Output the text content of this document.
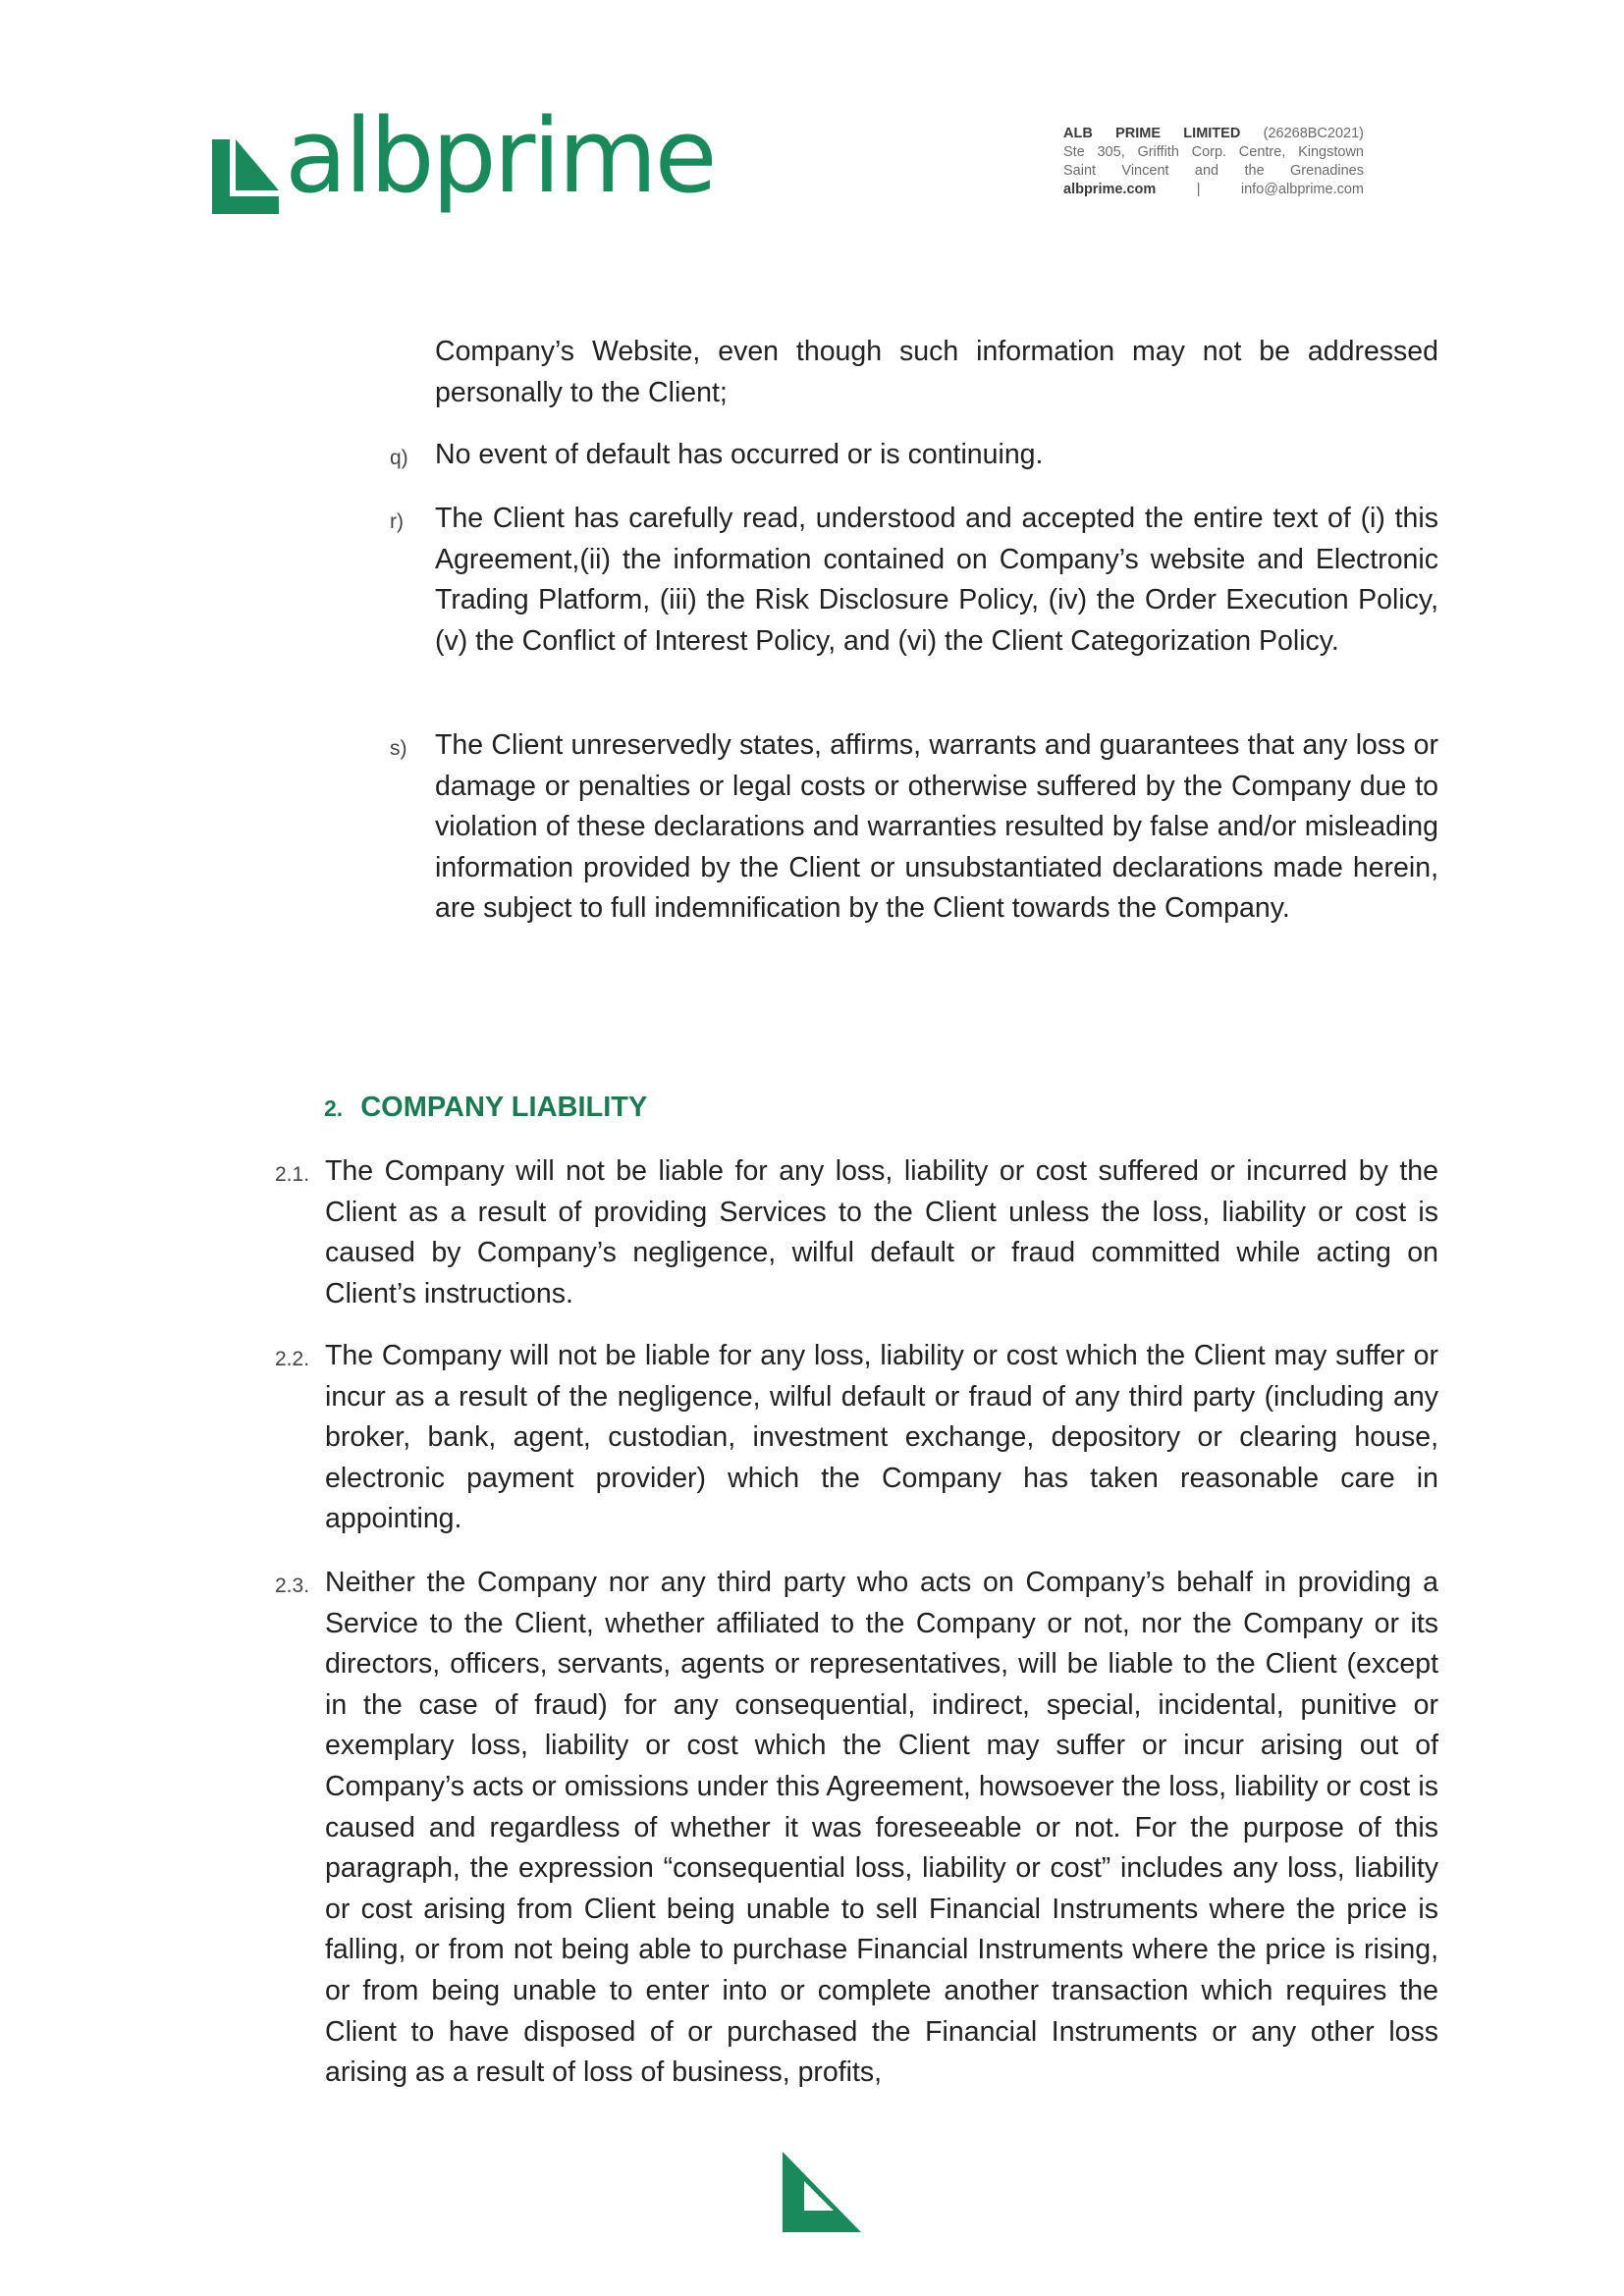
albprime	ALB PRIME LIMITED (26268BC2021)
Ste 305, Griffith Corp. Centre, Kingstown
Saint Vincent and the Grenadines
albprime.com	|	info@albprime.com
Company’s Website, even though such information may not be addressed personally to the Client;
q) No event of default has occurred or is continuing.
r) The Client has carefully read, understood and accepted the entire text of (i) this Agreement,(ii) the information contained on Company’s website and Electronic Trading Platform, (iii) the Risk Disclosure Policy, (iv) the Order Execution Policy, (v) the Conflict of Interest Policy, and (vi) the Client Categorization Policy.
s) The Client unreservedly states, affirms, warrants and guarantees that any loss or damage or penalties or legal costs or otherwise suffered by the Company due to violation of these declarations and warranties resulted by false and/or misleading information provided by the Client or unsubstantiated declarations made herein, are subject to full indemnification by the Client towards the Company.
2. COMPANY LIABILITY
2.1. The Company will not be liable for any loss, liability or cost suffered or incurred by the Client as a result of providing Services to the Client unless the loss, liability or cost is caused by Company’s negligence, wilful default or fraud committed while acting on Client’s instructions.
2.2. The Company will not be liable for any loss, liability or cost which the Client may suffer or incur as a result of the negligence, wilful default or fraud of any third party (including any broker, bank, agent, custodian, investment exchange, depository or clearing house, electronic payment provider) which the Company has taken reasonable care in appointing.
2.3. Neither the Company nor any third party who acts on Company’s behalf in providing a Service to the Client, whether affiliated to the Company or not, nor the Company or its directors, officers, servants, agents or representatives, will be liable to the Client (except in the case of fraud) for any consequential, indirect, special, incidental, punitive or exemplary loss, liability or cost which the Client may suffer or incur arising out of Company’s acts or omissions under this Agreement, howsoever the loss, liability or cost is caused and regardless of whether it was foreseeable or not. For the purpose of this paragraph, the expression “consequential loss, liability or cost” includes any loss, liability or cost arising from Client being unable to sell Financial Instruments where the price is falling, or from not being able to purchase Financial Instruments where the price is rising, or from being unable to enter into or complete another transaction which requires the Client to have disposed of or purchased the Financial Instruments or any other loss arising as a result of loss of business, profits,
